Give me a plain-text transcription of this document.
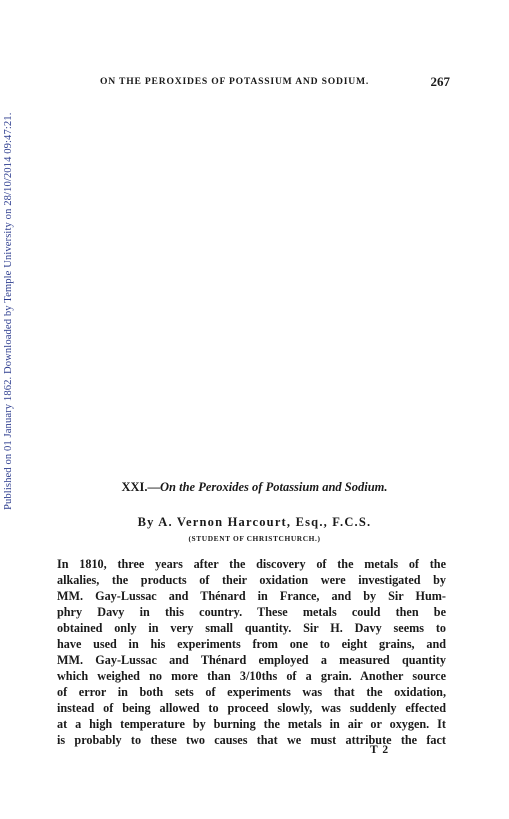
Published on 01 January 1862. Downloaded by Temple University on 28/10/2014 09:47:21.
ON THE PEROXIDES OF POTASSIUM AND SODIUM.	267
XXI.—On the Peroxides of Potassium and Sodium.
By A. Vernon Harcourt, Esq., F.C.S.
(STUDENT OF CHRISTCHURCH.)
In 1810, three years after the discovery of the metals of the
alkalies, the products of their oxidation were investigated by
MM. Gay-Lussac and Thénard in France, and by Sir Hum-
phry Davy in this country. These metals could then be
obtained only in very small quantity. Sir H. Davy seems to
have used in his experiments from one to eight grains, and
MM. Gay-Lussac and Thénard employed a measured quantity
which weighed no more than 3/10ths of a grain. Another source
of error in both sets of experiments was that the oxidation,
instead of being allowed to proceed slowly, was suddenly effected
at a high temperature by burning the metals in air or oxygen. It
is probably to these two causes that we must attribute the fact
T 2
